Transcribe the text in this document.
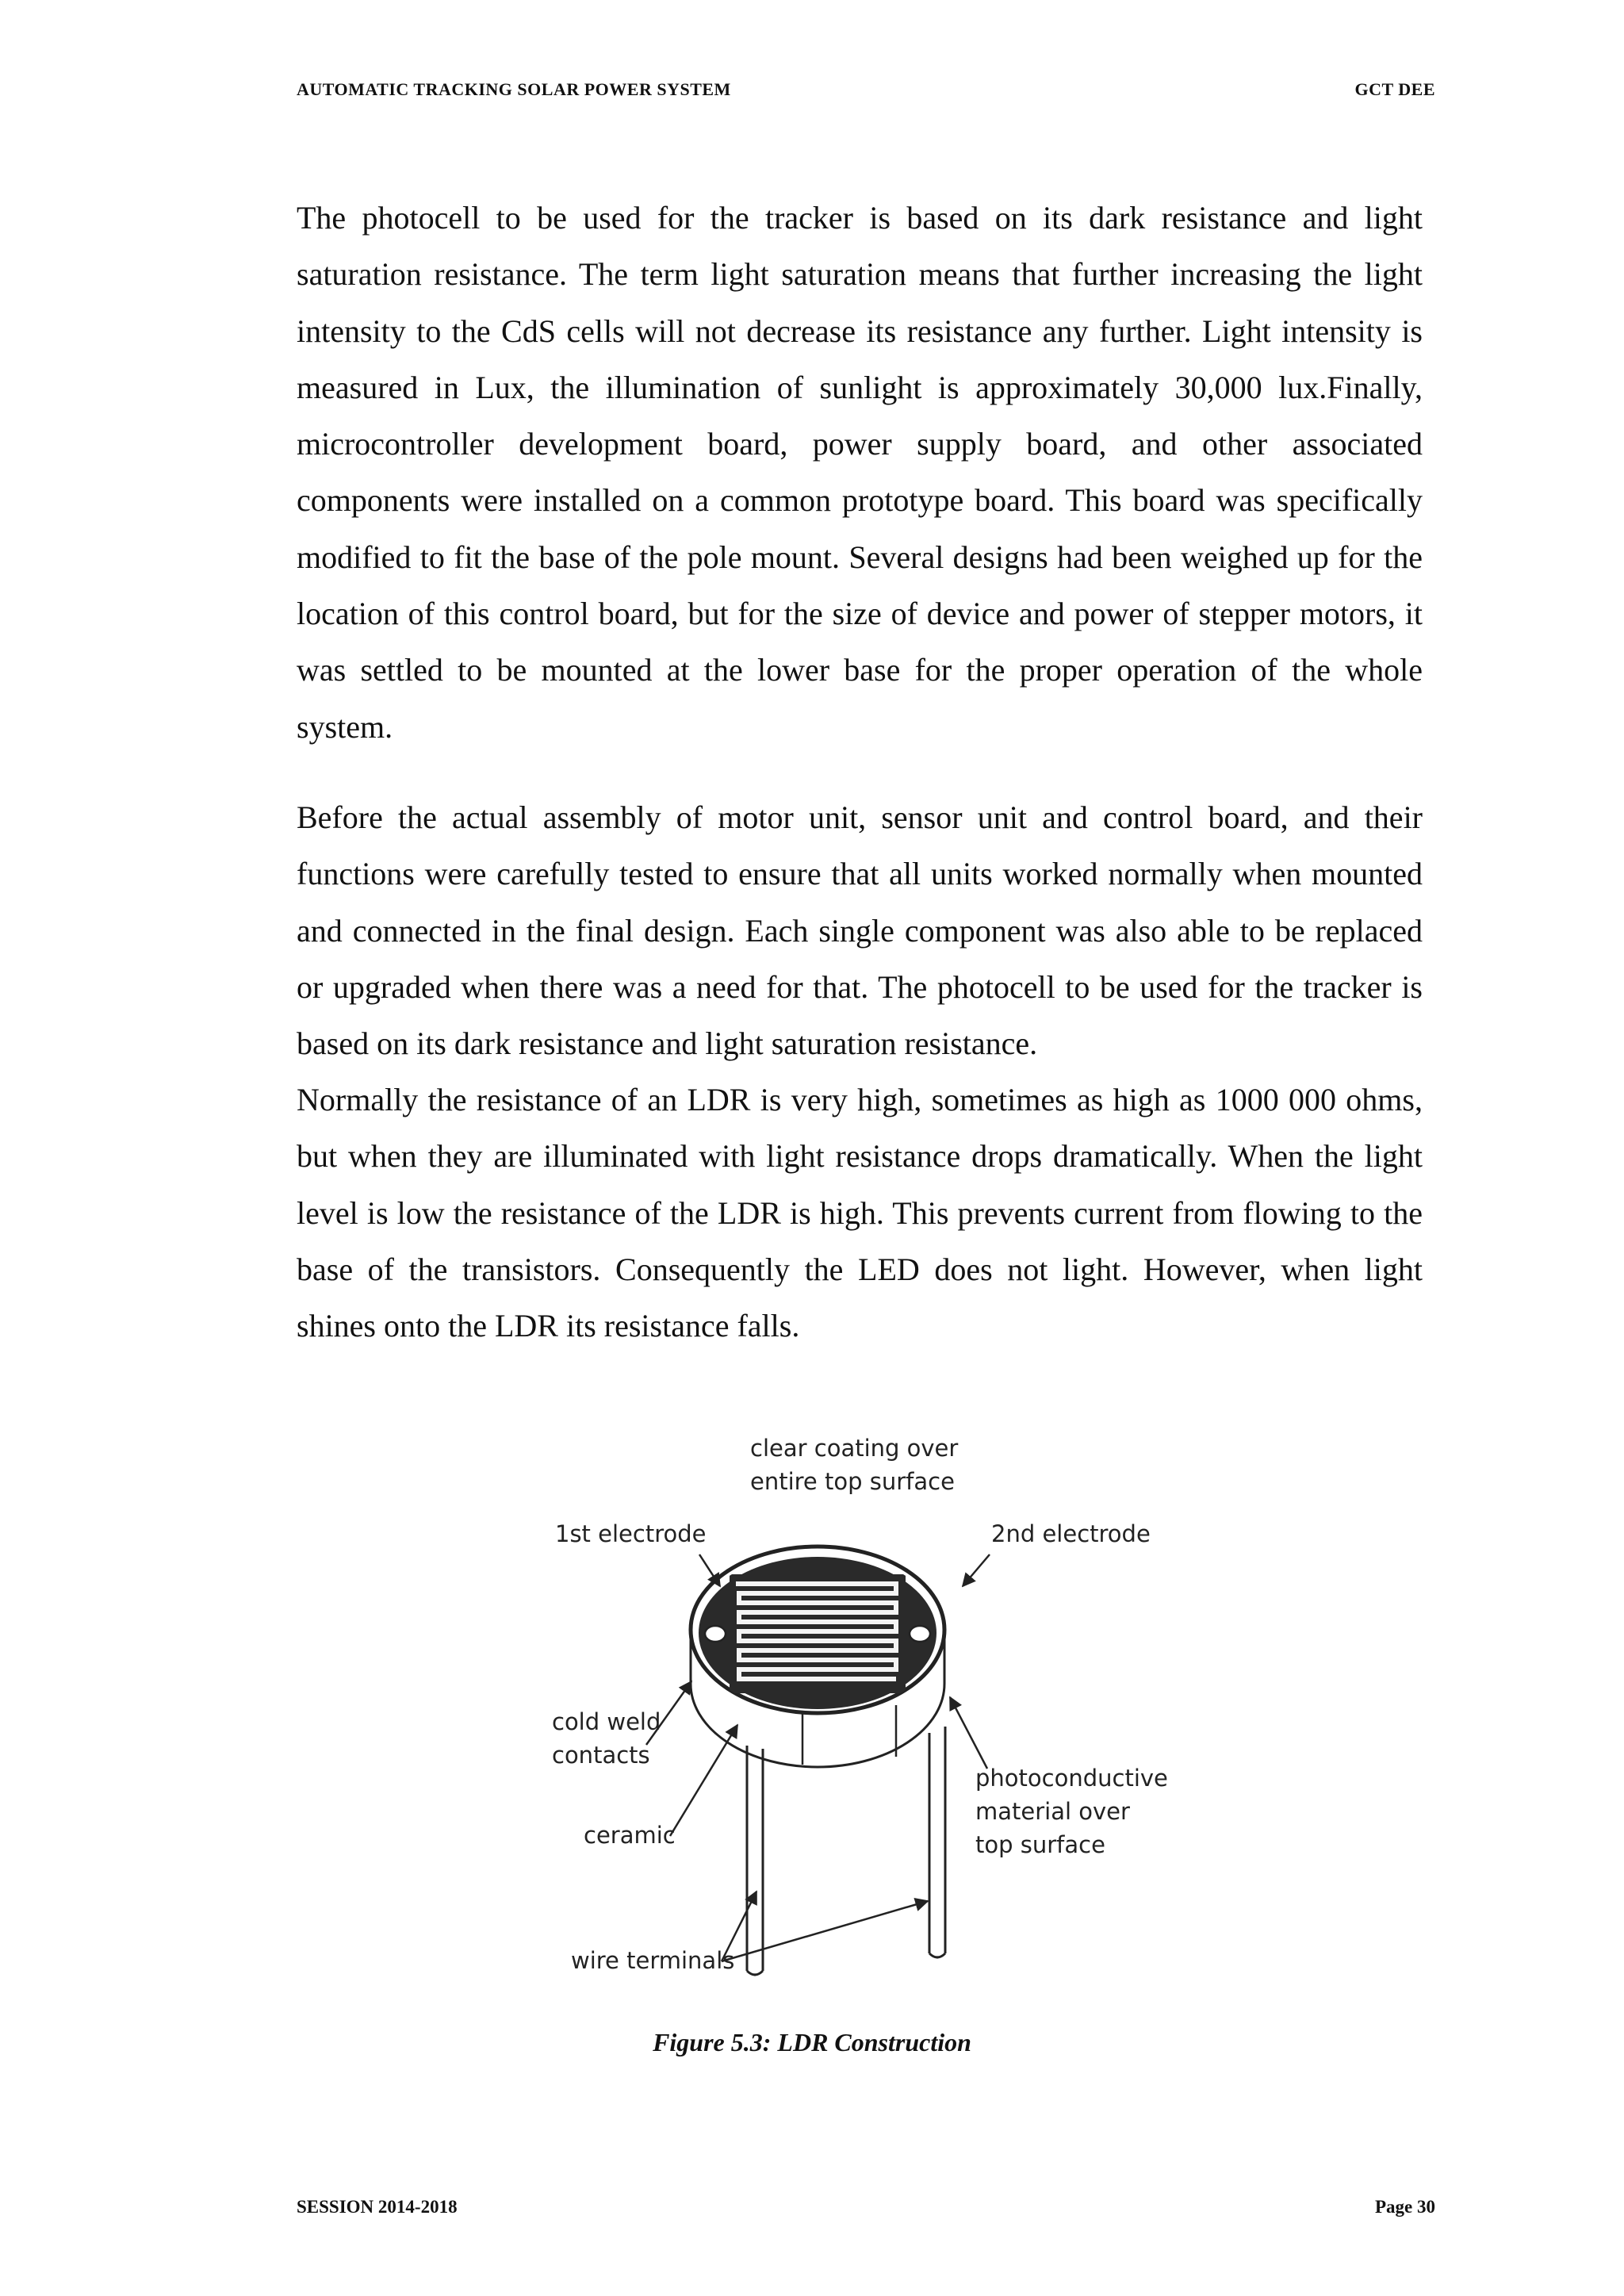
AUTOMATIC TRACKING SOLAR POWER SYSTEM	GCT DEE

The photocell to be used for the tracker is based on its dark resistance and light saturation resistance. The term light saturation means that further increasing the light intensity to the CdS cells will not decrease its resistance any further. Light intensity is measured in Lux, the illumination of sunlight is approximately 30,000 lux.Finally, microcontroller development board, power supply board, and other associated components were installed on a common prototype board. This board was specifically modified to fit the base of the pole mount. Several designs had been weighed up for the location of this control board, but for the size of device and power of stepper motors, it was settled to be mounted at the lower base for the proper operation of the whole system.

Before the actual assembly of motor unit, sensor unit and control board, and their functions were carefully tested to ensure that all units worked normally when mounted and connected in the final design. Each single component was also able to be replaced or upgraded when there was a need for that. The photocell to be used for the tracker is based on its dark resistance and light saturation resistance.

Normally the resistance of an LDR is very high, sometimes as high as 1000 000 ohms, but when they are illuminated with light resistance drops dramatically. When the light level is low the resistance of the LDR is high. This prevents current from flowing to the base of the transistors. Consequently the LED does not light. However, when light shines onto the LDR its resistance falls.

clear coating over
entire top surface
1st electrode	2nd electrode
cold weld
contacts
ceramic
photoconductive
material over
top surface
wire terminals
Figure 5.3: LDR Construction
SESSION 2014-2018	Page 30
